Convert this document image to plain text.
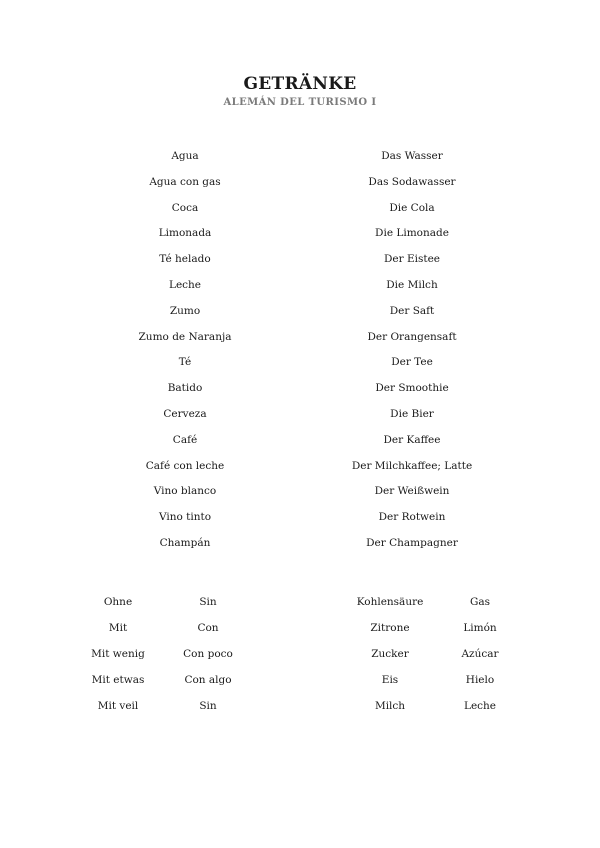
GETRÄNKE
ALEMÁN DEL TURISMO I
Agua	Das Wasser
Agua con gas	Das Sodawasser
Coca	Die Cola
Limonada	Die Limonade
Té helado	Der Eistee
Leche	Die Milch
Zumo	Der Saft
Zumo de Naranja	Der Orangensaft
Té	Der Tee
Batido	Der Smoothie
Cerveza	Die Bier
Café	Der Kaffee
Café con leche	Der Milchkaffee; Latte
Vino blanco	Der Weißwein
Vino tinto	Der Rotwein
Champán	Der Champagner
Ohne	Sin	Kohlensäure	Gas
Mit	Con	Zitrone	Limón
Mit wenig	Con poco	Zucker	Azúcar
Mit etwas	Con algo	Eis	Hielo
Mit veil	Sin	Milch	Leche
